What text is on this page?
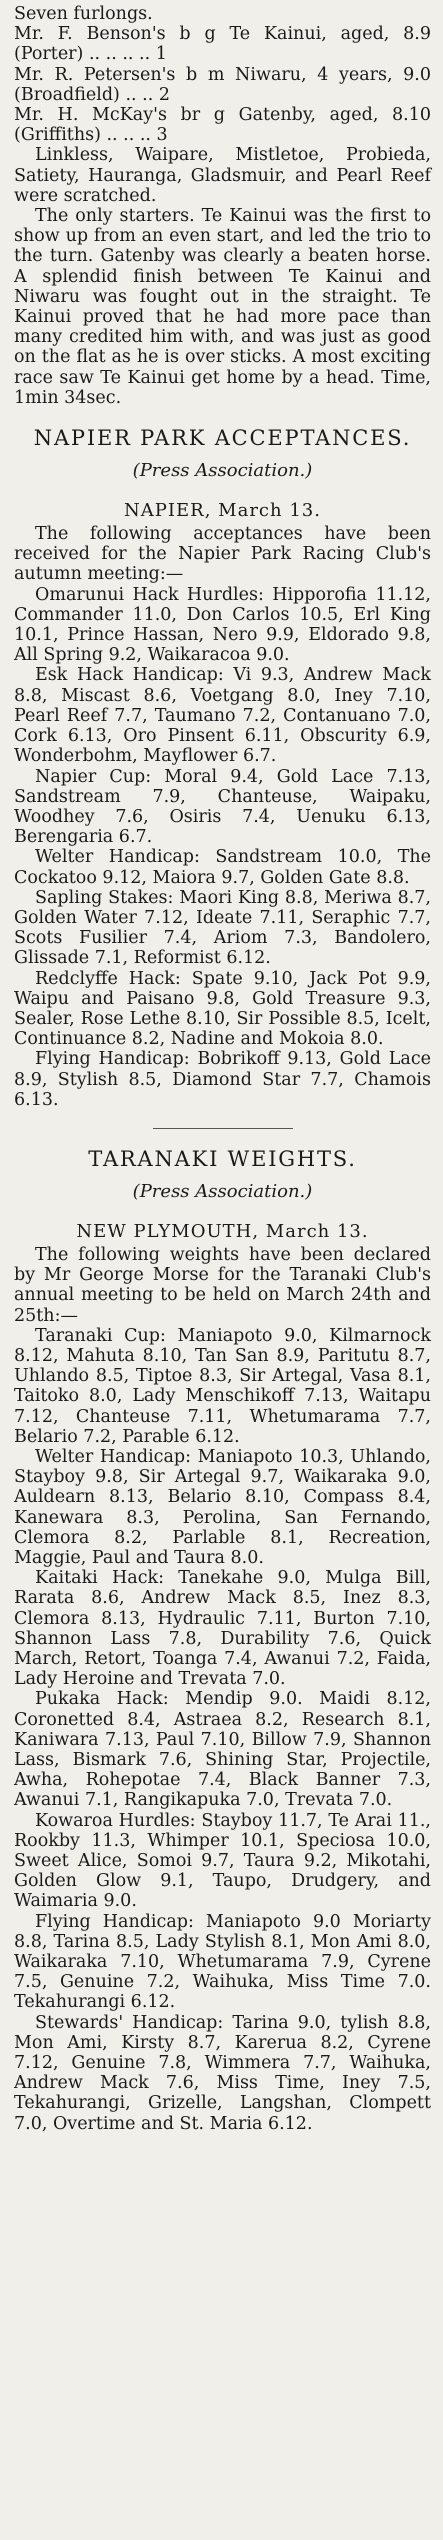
Seven furlongs.

Mr. F. Benson's b g Te Kainui, aged, 8.9 (Porter) .. .. .. .. 1

Mr. R. Petersen's b m Niwaru, 4 years, 9.0 (Broadfield) .. .. 2

Mr. H. McKay's br g Gatenby, aged, 8.10 (Griffiths) .. .. .. 3

Linkless, Waipare, Mistletoe, Probieda, Satiety, Hauranga, Gladsmuir, and Pearl Reef were scratched.

The only starters. Te Kainui was the first to show up from an even start, and led the trio to the turn. Gatenby was clearly a beaten horse. A splendid finish between Te Kainui and Niwaru was fought out in the straight. Te Kainui proved that he had more pace than many credited him with, and was just as good on the flat as he is over sticks. A most exciting race saw Te Kainui get home by a head. Time, 1min 34sec.

NAPIER PARK ACCEPTANCES.
(Press Association.)
NAPIER, March 13.

The following acceptances have been received for the Napier Park Racing Club's autumn meeting:—

Omarunui Hack Hurdles: Hipporofia 11.12, Commander 11.0, Don Carlos 10.5, Erl King 10.1, Prince Hassan, Nero 9.9, Eldorado 9.8, All Spring 9.2, Waikaracoa 9.0.

Esk Hack Handicap: Vi 9.3, Andrew Mack 8.8, Miscast 8.6, Voetgang 8.0, Iney 7.10, Pearl Reef 7.7, Taumano 7.2, Contanuano 7.0, Cork 6.13, Oro Pinsent 6.11, Obscurity 6.9, Wonderbohm, Mayflower 6.7.

Napier Cup: Moral 9.4, Gold Lace 7.13, Sandstream 7.9, Chanteuse, Waipaku, Woodhey 7.6, Osiris 7.4, Uenuku 6.13, Berengaria 6.7.

Welter Handicap: Sandstream 10.0, The Cockatoo 9.12, Maiora 9.7, Golden Gate 8.8.

Sapling Stakes: Maori King 8.8, Meriwa 8.7, Golden Water 7.12, Ideate 7.11, Seraphic 7.7, Scots Fusilier 7.4, Ariom 7.3, Bandolero, Glissade 7.1, Reformist 6.12.

Redclyffe Hack: Spate 9.10, Jack Pot 9.9, Waipu and Paisano 9.8, Gold Treasure 9.3, Sealer, Rose Lethe 8.10, Sir Possible 8.5, Icelt, Continuance 8.2, Nadine and Mokoia 8.0.

Flying Handicap: Bobrikoff 9.13, Gold Lace 8.9, Stylish 8.5, Diamond Star 7.7, Chamois 6.13.

TARANAKI WEIGHTS.
(Press Association.)
NEW PLYMOUTH, March 13.

The following weights have been declared by Mr George Morse for the Taranaki Club's annual meeting to be held on March 24th and 25th:—

Taranaki Cup: Maniapoto 9.0, Kilmarnock 8.12, Mahuta 8.10, Tan San 8.9, Paritutu 8.7, Uhlando 8.5, Tiptoe 8.3, Sir Artegal, Vasa 8.1, Taitoko 8.0, Lady Menschikoff 7.13, Waitapu 7.12, Chanteuse 7.11, Whetumarama 7.7, Belario 7.2, Parable 6.12.

Welter Handicap: Maniapoto 10.3, Uhlando, Stayboy 9.8, Sir Artegal 9.7, Waikaraka 9.0, Auldearn 8.13, Belario 8.10, Compass 8.4, Kanewara 8.3, Perolina, San Fernando, Clemora 8.2, Parlable 8.1, Recreation, Maggie, Paul and Taura 8.0.

Kaitaki Hack: Tanekahe 9.0, Mulga Bill, Rarata 8.6, Andrew Mack 8.5, Inez 8.3, Clemora 8.13, Hydraulic 7.11, Burton 7.10, Shannon Lass 7.8, Durability 7.6, Quick March, Retort, Toanga 7.4, Awanui 7.2, Faida, Lady Heroine and Trevata 7.0.

Pukaka Hack: Mendip 9.0. Maidi 8.12, Coronetted 8.4, Astraea 8.2, Research 8.1, Kaniwara 7.13, Paul 7.10, Billow 7.9, Shannon Lass, Bismark 7.6, Shining Star, Projectile, Awha, Rohepotae 7.4, Black Banner 7.3, Awanui 7.1, Rangikapuka 7.0, Trevata 7.0.

Kowaroa Hurdles: Stayboy 11.7, Te Arai 11., Rookby 11.3, Whimper 10.1, Speciosa 10.0, Sweet Alice, Somoi 9.7, Taura 9.2, Mikotahi, Golden Glow 9.1, Taupo, Drudgery, and Waimaria 9.0.

Flying Handicap: Maniapoto 9.0 Moriarty 8.8, Tarina 8.5, Lady Stylish 8.1, Mon Ami 8.0, Waikaraka 7.10, Whetumarama 7.9, Cyrene 7.5, Genuine 7.2, Waihuka, Miss Time 7.0. Tekahurangi 6.12.

Stewards' Handicap: Tarina 9.0, tylish 8.8, Mon Ami, Kirsty 8.7, Karerua 8.2, Cyrene 7.12, Genuine 7.8, Wimmera 7.7, Waihuka, Andrew Mack 7.6, Miss Time, Iney 7.5, Tekahurangi, Grizelle, Langshan, Clompett 7.0, Overtime and St. Maria 6.12.
